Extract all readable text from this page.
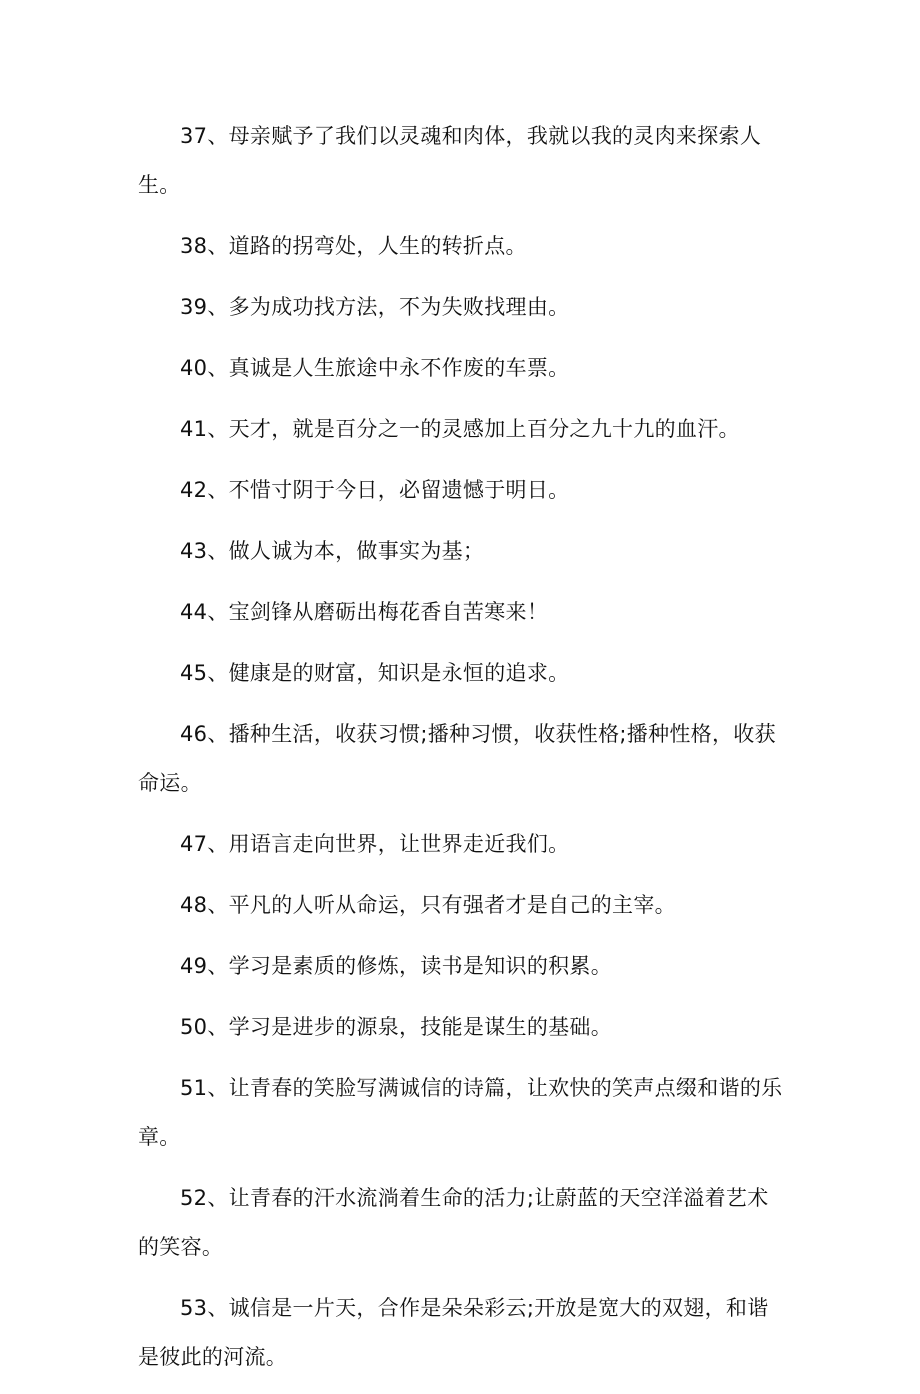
37、母亲赋予了我们以灵魂和肉体，我就以我的灵肉来探索人生。

38、道路的拐弯处，人生的转折点。

39、多为成功找方法，不为失败找理由。

40、真诚是人生旅途中永不作废的车票。

41、天才，就是百分之一的灵感加上百分之九十九的血汗。

42、不惜寸阴于今日，必留遗憾于明日。

43、做人诚为本，做事实为基；

44、宝剑锋从磨砺出梅花香自苦寒来！

45、健康是的财富，知识是永恒的追求。

46、播种生活，收获习惯;播种习惯，收获性格;播种性格，收获命运。

47、用语言走向世界，让世界走近我们。

48、平凡的人听从命运，只有强者才是自己的主宰。

49、学习是素质的修炼，读书是知识的积累。

50、学习是进步的源泉，技能是谋生的基础。

51、让青春的笑脸写满诚信的诗篇，让欢快的笑声点缀和谐的乐章。

52、让青春的汗水流淌着生命的活力;让蔚蓝的天空洋溢着艺术的笑容。

53、诚信是一片天，合作是朵朵彩云;开放是宽大的双翅，和谐是彼此的河流。
